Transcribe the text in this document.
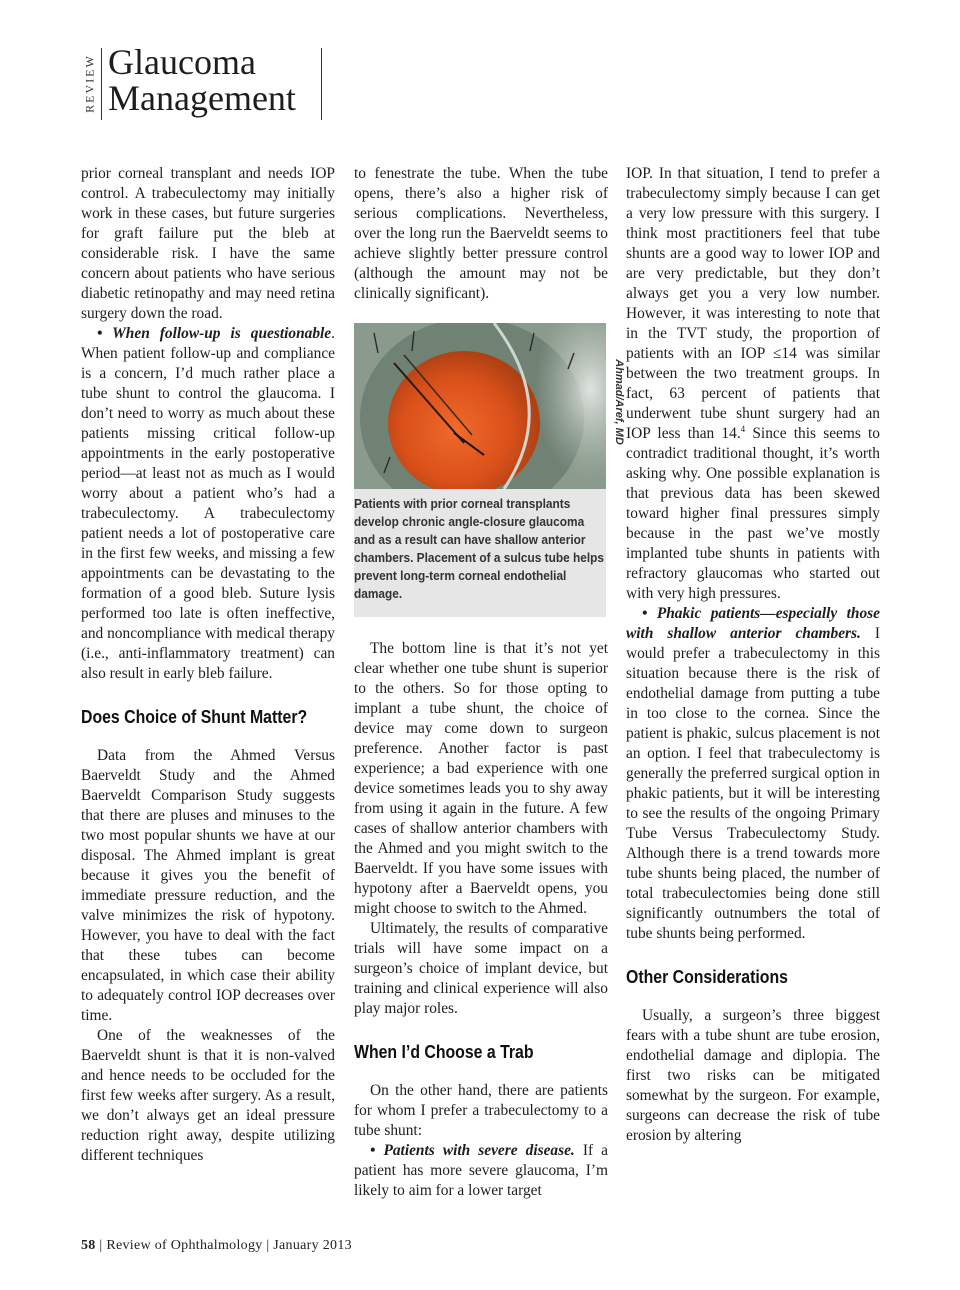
REVIEW Glaucoma
Management

prior corneal transplant and needs IOP control. A trabeculectomy may initially work in these cases, but future surgeries for graft failure put the bleb at considerable risk. I have the same concern about patients who have serious diabetic retinopathy and may need retina surgery down the road.

• When follow-up is questionable. When patient follow-up and compliance is a concern, I’d much rather place a tube shunt to control the glaucoma. I don’t need to worry as much about these patients missing critical follow-up appointments in the early postoperative period—at least not as much as I would worry about a patient who’s had a trabeculectomy. A trabeculectomy patient needs a lot of postoperative care in the first few weeks, and missing a few appointments can be devastating to the formation of a good bleb. Suture lysis performed too late is often ineffective, and noncompliance with medical therapy (i.e., anti-inflammatory treatment) can also result in early bleb failure.

Does Choice of Shunt Matter?

Data from the Ahmed Versus Baerveldt Study and the Ahmed Baerveldt Comparison Study suggests that there are pluses and minuses to the two most popular shunts we have at our disposal. The Ahmed implant is great because it gives you the benefit of immediate pressure reduction, and the valve minimizes the risk of hypotony. However, you have to deal with the fact that these tubes can become encapsulated, in which case their ability to adequately control IOP decreases over time.

One of the weaknesses of the Baerveldt shunt is that it is non-valved and hence needs to be occluded for the first few weeks after surgery. As a result, we don’t always get an ideal pressure reduction right away, despite utilizing different techniques

to fenestrate the tube. When the tube opens, there’s also a higher risk of serious complications. Nevertheless, over the long run the Baerveldt seems to achieve slightly better pressure control (although the amount may not be clinically significant).

Patients with prior corneal transplants develop chronic angle-closure glaucoma and as a result can have shallow anterior chambers. Placement of a sulcus tube helps prevent long-term corneal endothelial damage.

The bottom line is that it’s not yet clear whether one tube shunt is superior to the others. So for those opting to implant a tube shunt, the choice of device may come down to surgeon preference. Another factor is past experience; a bad experience with one device sometimes leads you to shy away from using it again in the future. A few cases of shallow anterior chambers with the Ahmed and you might switch to the Baerveldt. If you have some issues with hypotony after a Baerveldt opens, you might choose to switch to the Ahmed.

Ultimately, the results of comparative trials will have some impact on a surgeon’s choice of implant device, but training and clinical experience will also play major roles.

When I’d Choose a Trab

On the other hand, there are patients for whom I prefer a trabeculectomy to a tube shunt:

• Patients with severe disease. If a patient has more severe glaucoma, I’m likely to aim for a lower target

Ahmad/Aref, MD

IOP. In that situation, I tend to prefer a trabeculectomy simply because I can get a very low pressure with this surgery. I think most practitioners feel that tube shunts are a good way to lower IOP and are very predictable, but they don’t always get you a very low number. However, it was interesting to note that in the TVT study, the proportion of patients with an IOP ≤14 was similar between the two treatment groups. In fact, 63 percent of patients that underwent tube shunt surgery had an IOP less than 14.$^4$ Since this seems to contradict traditional thought, it’s worth asking why. One possible explanation is that previous data has been skewed toward higher final pressures simply because in the past we’ve mostly implanted tube shunts in patients with refractory glaucomas who started out with very high pressures.

• Phakic patients—especially those with shallow anterior chambers. I would prefer a trabeculectomy in this situation because there is the risk of endothelial damage from putting a tube in too close to the cornea. Since the patient is phakic, sulcus placement is not an option. I feel that trabeculectomy is generally the preferred surgical option in phakic patients, but it will be interesting to see the results of the ongoing Primary Tube Versus Trabeculectomy Study. Although there is a trend towards more tube shunts being placed, the number of total trabeculectomies being done still significantly outnumbers the total of tube shunts being performed.

Other Considerations

Usually, a surgeon’s three biggest fears with a tube shunt are tube erosion, endothelial damage and diplopia. The first two risks can be mitigated somewhat by the surgeon. For example, surgeons can decrease the risk of tube erosion by altering

58 | Review of Ophthalmology | January 2013
